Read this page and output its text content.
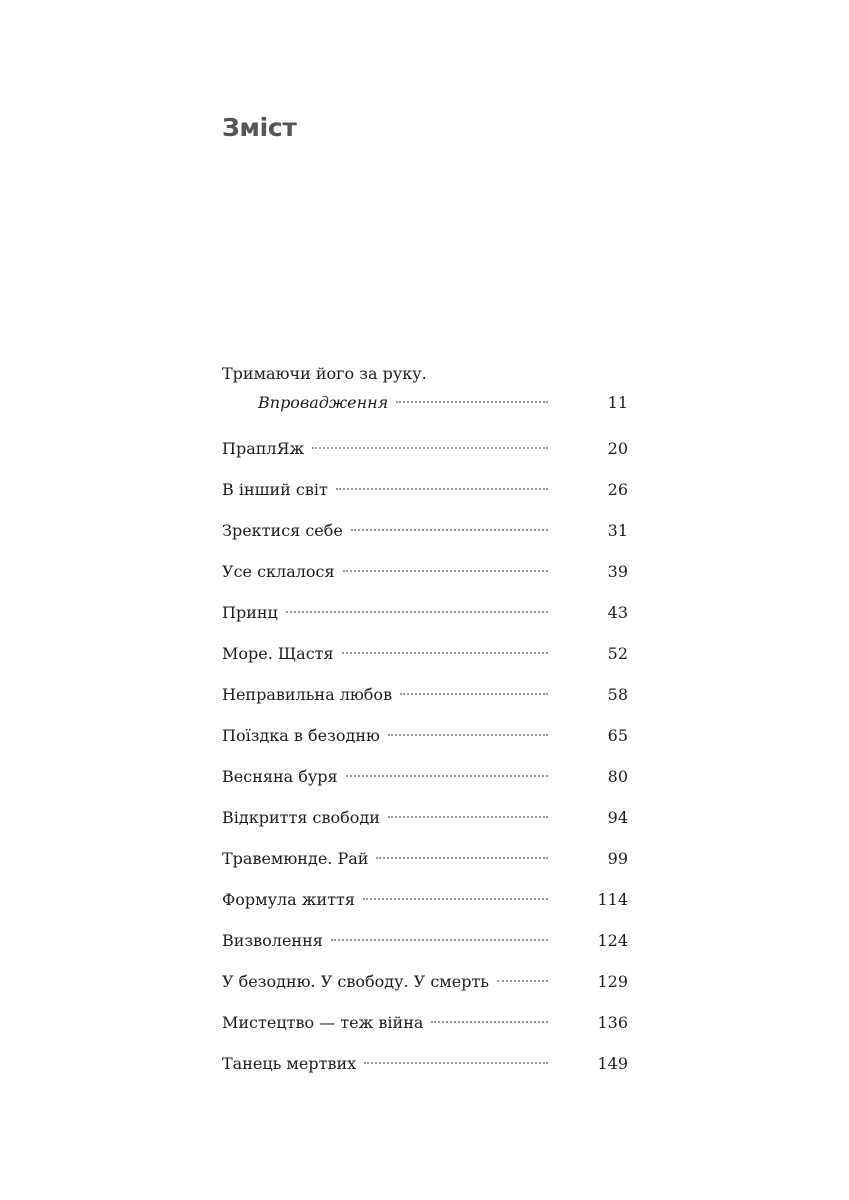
Зміст
Тримаючи його за руку.
Впровадження	11
ПраплЯж	20
В інший світ	26
Зректися себе	31
Усе склалося	39
Принц	43
Море. Щастя	52
Неправильна любов	58
Поїздка в безодню	65
Весняна буря	80
Відкриття свободи	94
Травемюнде. Рай	99
Формула життя	114
Визволення	124
У безодню. У свободу. У смерть	129
Мистецтво — теж війна	136
Танець мертвих	149
